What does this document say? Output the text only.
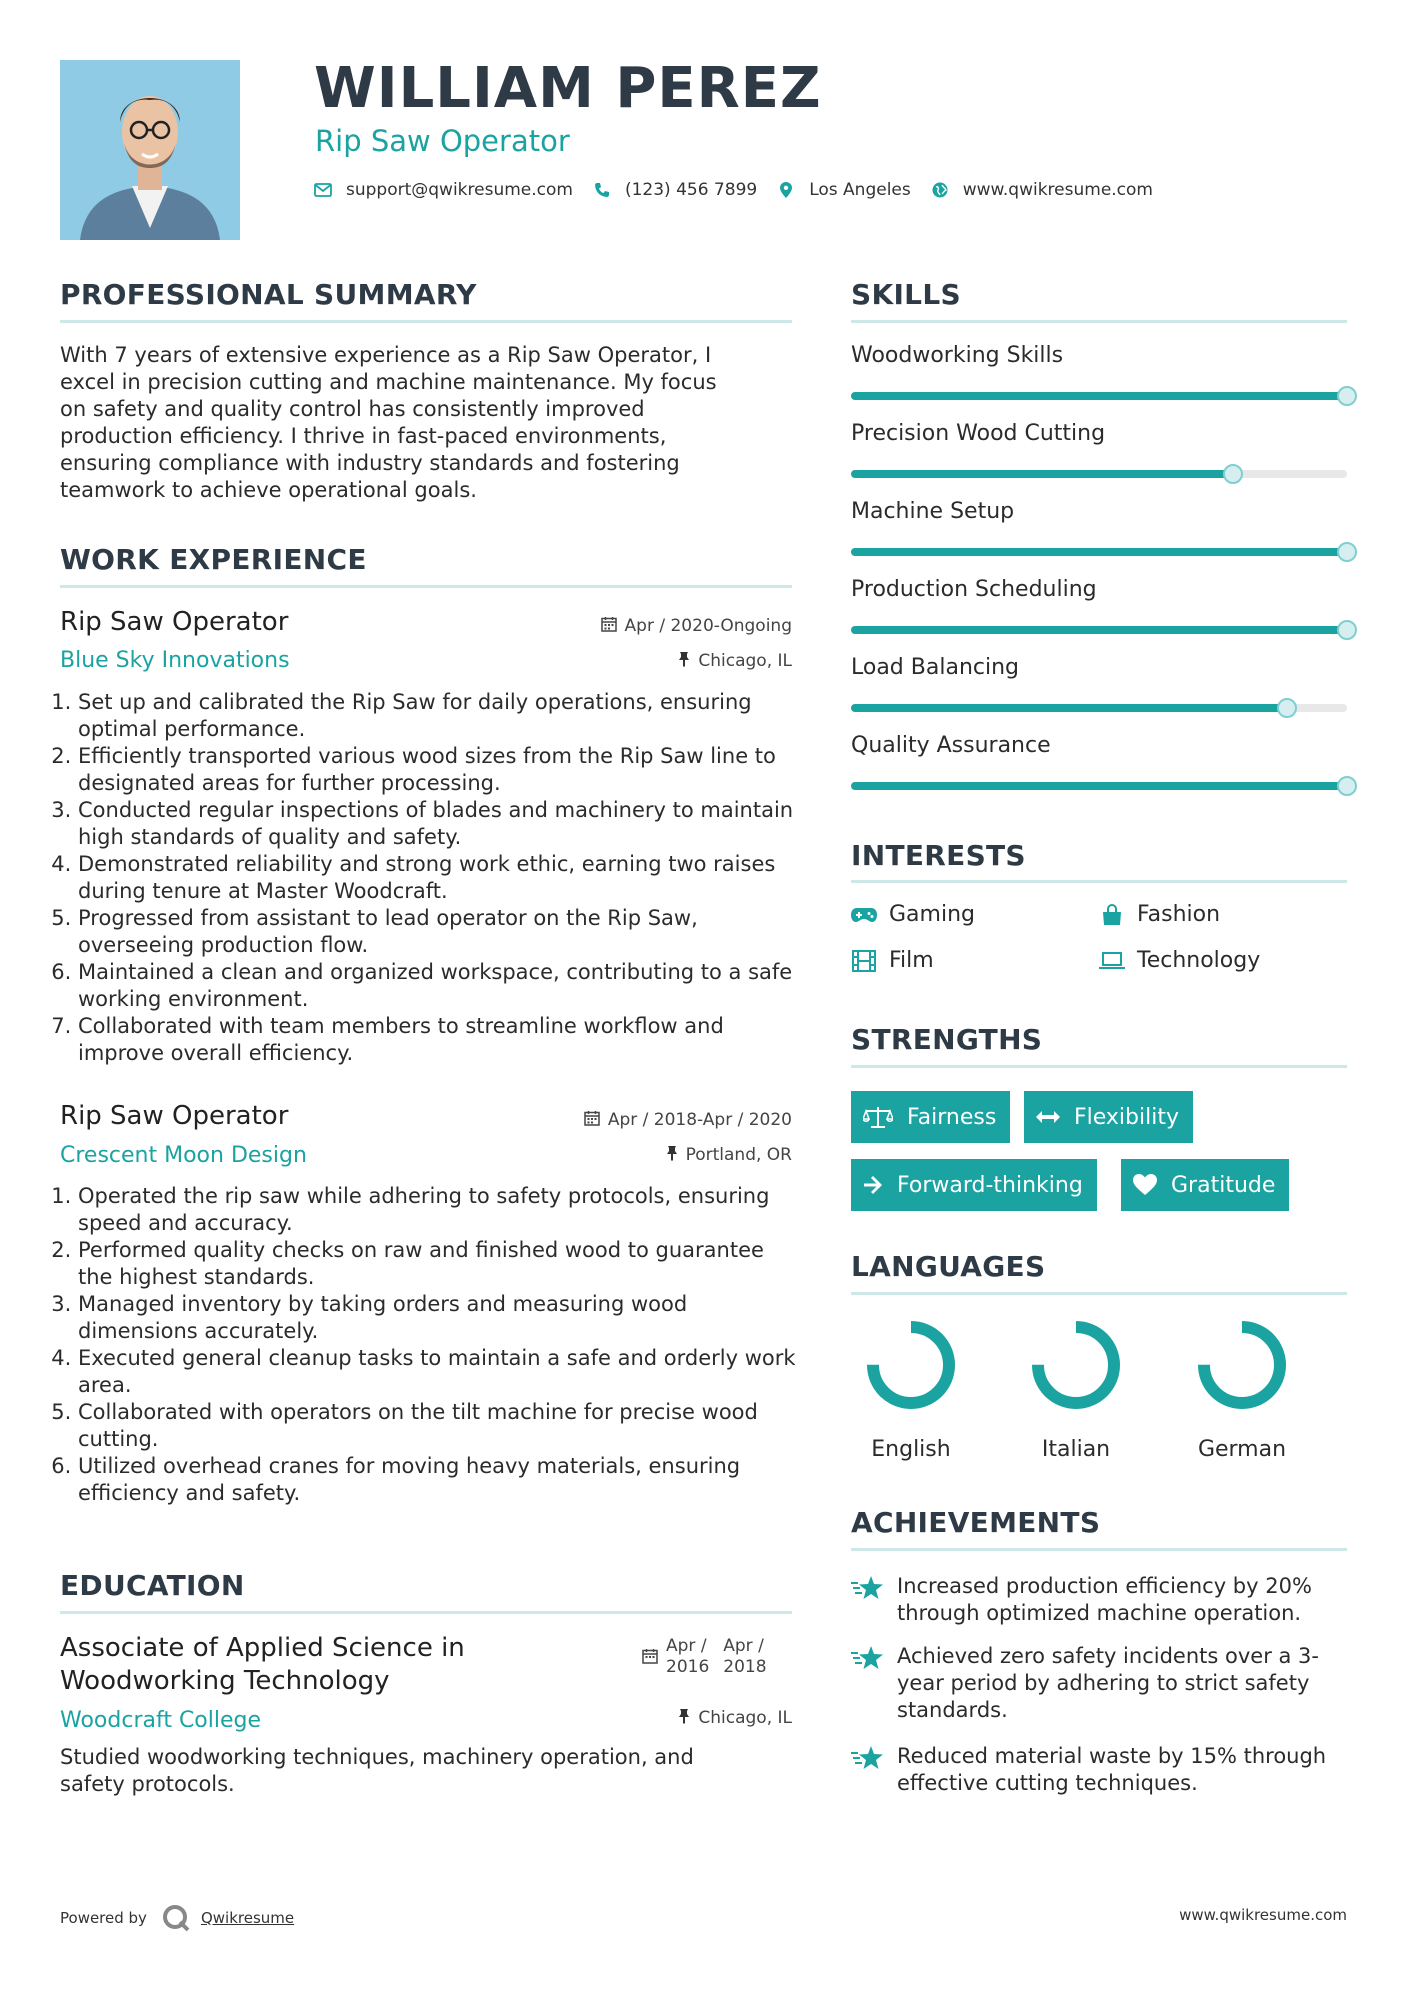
WILLIAM PEREZ
Rip Saw Operator
support@qwikresume.com	(123) 456 7899	Los Angeles	www.qwikresume.com
PROFESSIONAL SUMMARY
With 7 years of extensive experience as a Rip Saw Operator, I
excel in precision cutting and machine maintenance. My focus
on safety and quality control has consistently improved
production efficiency. I thrive in fast-paced environments,
ensuring compliance with industry standards and fostering
teamwork to achieve operational goals.
WORK EXPERIENCE
Rip Saw Operator	Apr / 2020-Ongoing
Blue Sky Innovations	Chicago, IL
1. Set up and calibrated the Rip Saw for daily operations, ensuring optimal performance.
2. Efficiently transported various wood sizes from the Rip Saw line to designated areas for further processing.
3. Conducted regular inspections of blades and machinery to maintain high standards of quality and safety.
4. Demonstrated reliability and strong work ethic, earning two raises during tenure at Master Woodcraft.
5. Progressed from assistant to lead operator on the Rip Saw, overseeing production flow.
6. Maintained a clean and organized workspace, contributing to a safe working environment.
7. Collaborated with team members to streamline workflow and improve overall efficiency.
Rip Saw Operator	Apr / 2018-Apr / 2020
Crescent Moon Design	Portland, OR
1. Operated the rip saw while adhering to safety protocols, ensuring speed and accuracy.
2. Performed quality checks on raw and finished wood to guarantee the highest standards.
3. Managed inventory by taking orders and measuring wood dimensions accurately.
4. Executed general cleanup tasks to maintain a safe and orderly work area.
5. Collaborated with operators on the tilt machine for precise wood cutting.
6. Utilized overhead cranes for moving heavy materials, ensuring efficiency and safety.
EDUCATION
Associate of Applied Science in
Woodworking Technology
Apr /
2016
Apr /
2018
Woodcraft College	Chicago, IL
Studied woodworking techniques, machinery operation, and
safety protocols.
SKILLS
Woodworking Skills
Precision Wood Cutting
Machine Setup
Production Scheduling
Load Balancing
Quality Assurance
INTERESTS
Gaming	Fashion
Film	Technology
STRENGTHS
Fairness	Flexibility
Forward-thinking	Gratitude
LANGUAGES
English	Italian	German
ACHIEVEMENTS
Increased production efficiency by 20%
through optimized machine operation.
Achieved zero safety incidents over a 3-
year period by adhering to strict safety
standards.
Reduced material waste by 15% through
effective cutting techniques.
Powered by	Qwikresume	www.qwikresume.com
